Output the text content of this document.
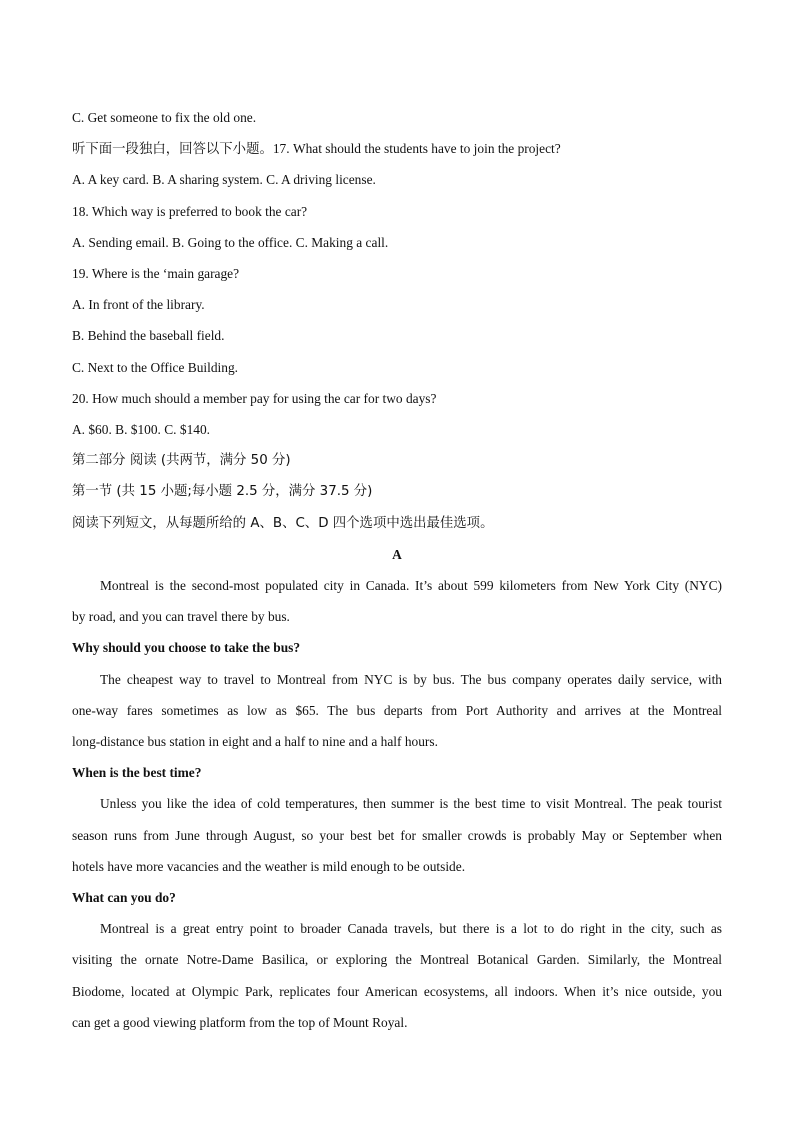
C. Get someone to fix the old one.

听下面一段独白，回答以下小题。17. What should the students have to join the project?

A. A key card. B. A sharing system. C. A driving license.

18. Which way is preferred to book the car?

A. Sending email. B. Going to the office. C. Making a call.

19. Where is the ‘main garage?

A. In front of the library.

B. Behind the baseball field.

C. Next to the Office Building.

20. How much should a member pay for using the car for two days?

A. $60. B. $100. C. $140.

第二部分 阅读 (共两节，满分 50 分)

第一节 (共 15 小题;每小题 2.5 分，满分 37.5 分)

阅读下列短文，从每题所给的 A、B、C、D 四个选项中选出最佳选项。

A

Montreal is the second-most populated city in Canada. It’s about 599 kilometers from New York City (NYC)

by road, and you can travel there by bus.

Why should you choose to take the bus?

The cheapest way to travel to Montreal from NYC is by bus. The bus company operates daily service, with

one-way fares sometimes as low as $65. The bus departs from Port Authority and arrives at the Montreal

long-distance bus station in eight and a half to nine and a half hours.

When is the best time?

Unless you like the idea of cold temperatures, then summer is the best time to visit Montreal. The peak tourist

season runs from June through August, so your best bet for smaller crowds is probably May or September when

hotels have more vacancies and the weather is mild enough to be outside.

What can you do?

Montreal is a great entry point to broader Canada travels, but there is a lot to do right in the city, such as

visiting the ornate Notre-Dame Basilica, or exploring the Montreal Botanical Garden. Similarly, the Montreal

Biodome, located at Olympic Park, replicates four American ecosystems, all indoors. When it’s nice outside, you

can get a good viewing platform from the top of Mount Royal.
